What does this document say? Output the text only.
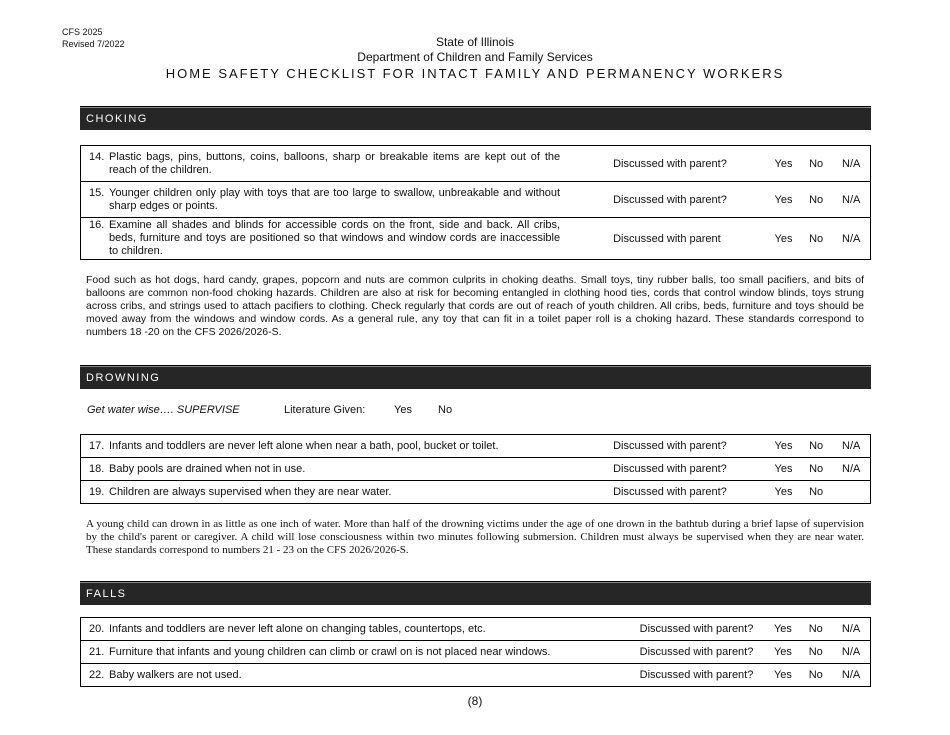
CFS 2025
Revised 7/2022	State of Illinois
Department of Children and Family Services
HOME SAFETY CHECKLIST FOR INTACT FAMILY AND PERMANENCY WORKERS
CHOKING
14. Plastic bags, pins, buttons, coins, balloons, sharp or breakable items are kept out of the reach of the children.	Discussed with parent?	Yes	No	N/A

15. Younger children only play with toys that are too large to swallow, unbreakable and without sharp edges or points.	Discussed with parent?	Yes	No	N/A

16. Examine all shades and blinds for accessible cords on the front, side and back. All cribs, beds, furniture and toys are positioned so that windows and window cords are inaccessible to children.	Discussed with parent	Yes	No	N/A
Food such as hot dogs, hard candy, grapes, popcorn and nuts are common culprits in choking deaths. Small toys, tiny rubber balls, too small pacifiers, and bits of balloons are common non-food choking hazards. Children are also at risk for becoming entangled in clothing hood ties, cords that control window blinds, toys strung across cribs, and strings used to attach pacifiers to clothing. Check regularly that cords are out of reach of youth children. All cribs, beds, furniture and toys should be moved away from the windows and window cords. As a general rule, any toy that can fit in a toilet paper roll is a choking hazard. These standards correspond to numbers 18 -20 on the CFS 2026/2026-S.
DROWNING
Get water wise…. SUPERVISE	Literature Given:	Yes No
17. Infants and toddlers are never left alone when near a bath, pool, bucket or toilet.	Discussed with parent?	Yes	No	N/A

18. Baby pools are drained when not in use.	Discussed with parent?	Yes	No	N/A

19. Children are always supervised when they are near water.	Discussed with parent?	Yes	No	
A young child can drown in as little as one inch of water. More than half of the drowning victims under the age of one drown in the bathtub during a brief lapse of supervision by the child's parent or caregiver. A child will lose consciousness within two minutes following submersion. Children must always be supervised when they are near water. These standards correspond to numbers 21 - 23 on the CFS 2026/2026-S.
FALLS
20. Infants and toddlers are never left alone on changing tables, countertops, etc.	Discussed with parent?	Yes	No	N/A

21. Furniture that infants and young children can climb or crawl on is not placed near windows.	Discussed with parent?	Yes	No	N/A

22. Baby walkers are not used.	Discussed with parent?	Yes	No	N/A
(8)
